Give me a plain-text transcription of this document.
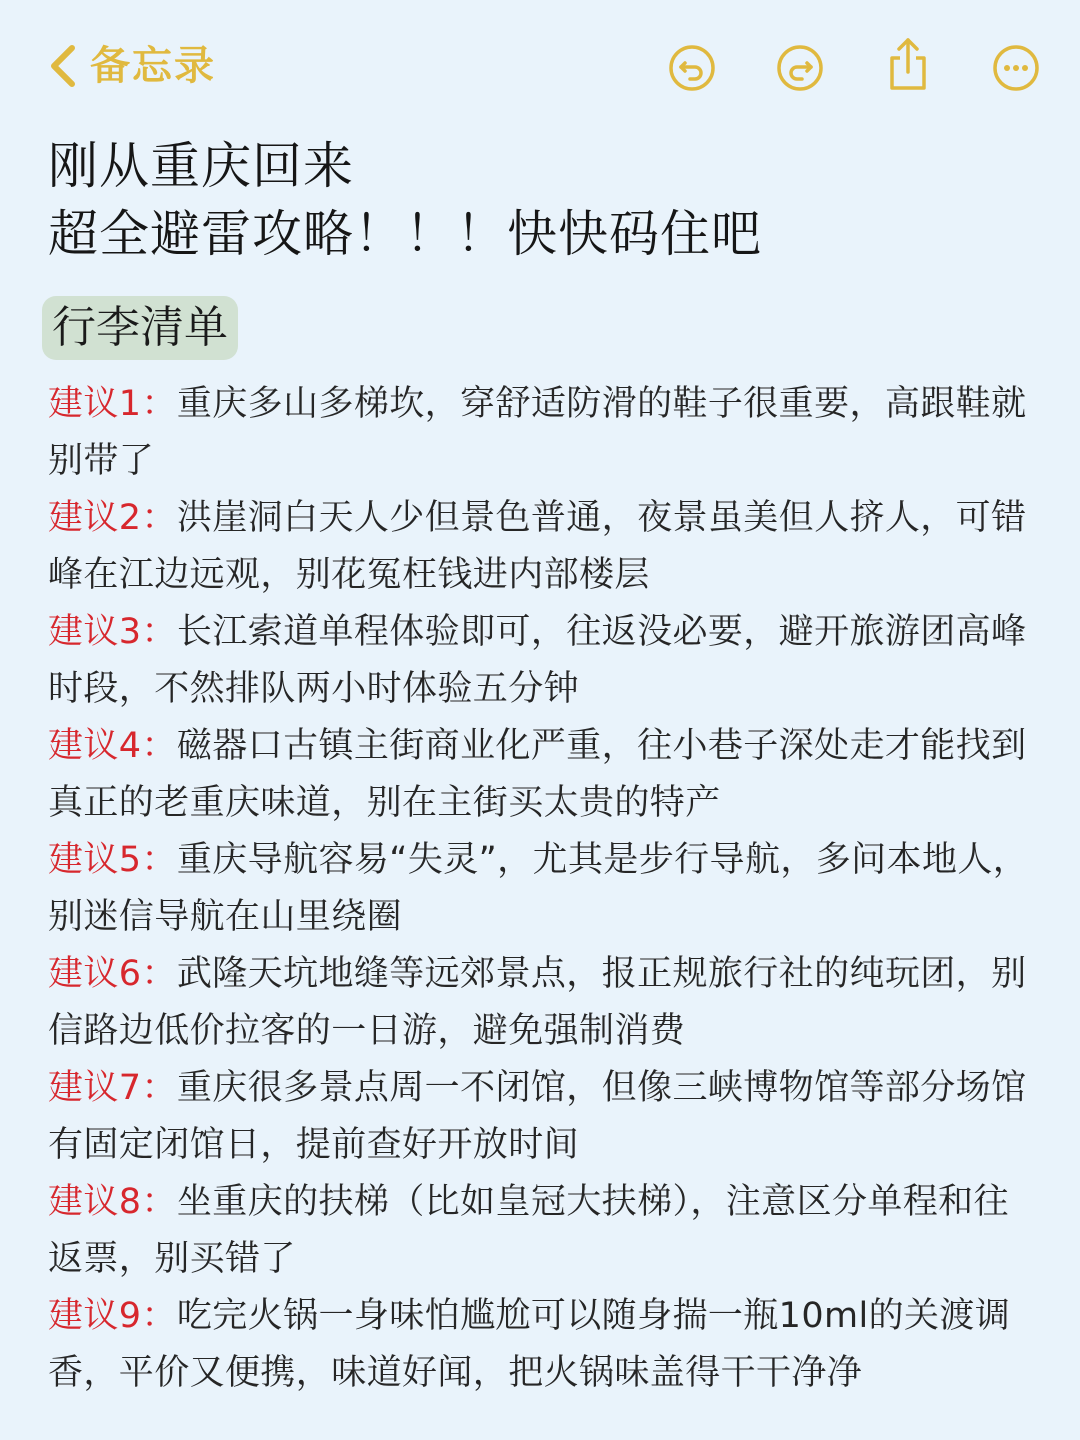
备忘录
刚从重庆回来
超全避雷攻略！！！快快码住吧
行李清单
建议1：重庆多山多梯坎，穿舒适防滑的鞋子很重要，高跟鞋就别带了
建议2：洪崖洞白天人少但景色普通，夜景虽美但人挤人，可错峰在江边远观，别花冤枉钱进内部楼层
建议3：长江索道单程体验即可，往返没必要，避开旅游团高峰时段，不然排队两小时体验五分钟
建议4：磁器口古镇主街商业化严重，往小巷子深处走才能找到真正的老重庆味道，别在主街买太贵的特产
建议5：重庆导航容易“失灵”，尤其是步行导航，多问本地人，别迷信导航在山里绕圈
建议6：武隆天坑地缝等远郊景点，报正规旅行社的纯玩团，别信路边低价拉客的一日游，避免强制消费
建议7：重庆很多景点周一不闭馆，但像三峡博物馆等部分场馆有固定闭馆日，提前查好开放时间
建议8：坐重庆的扶梯（比如皇冠大扶梯），注意区分单程和往返票，别买错了
建议9：吃完火锅一身味怕尴尬可以随身揣一瓶10ml的关渡调香，平价又便携，味道好闻，把火锅味盖得干干净净
